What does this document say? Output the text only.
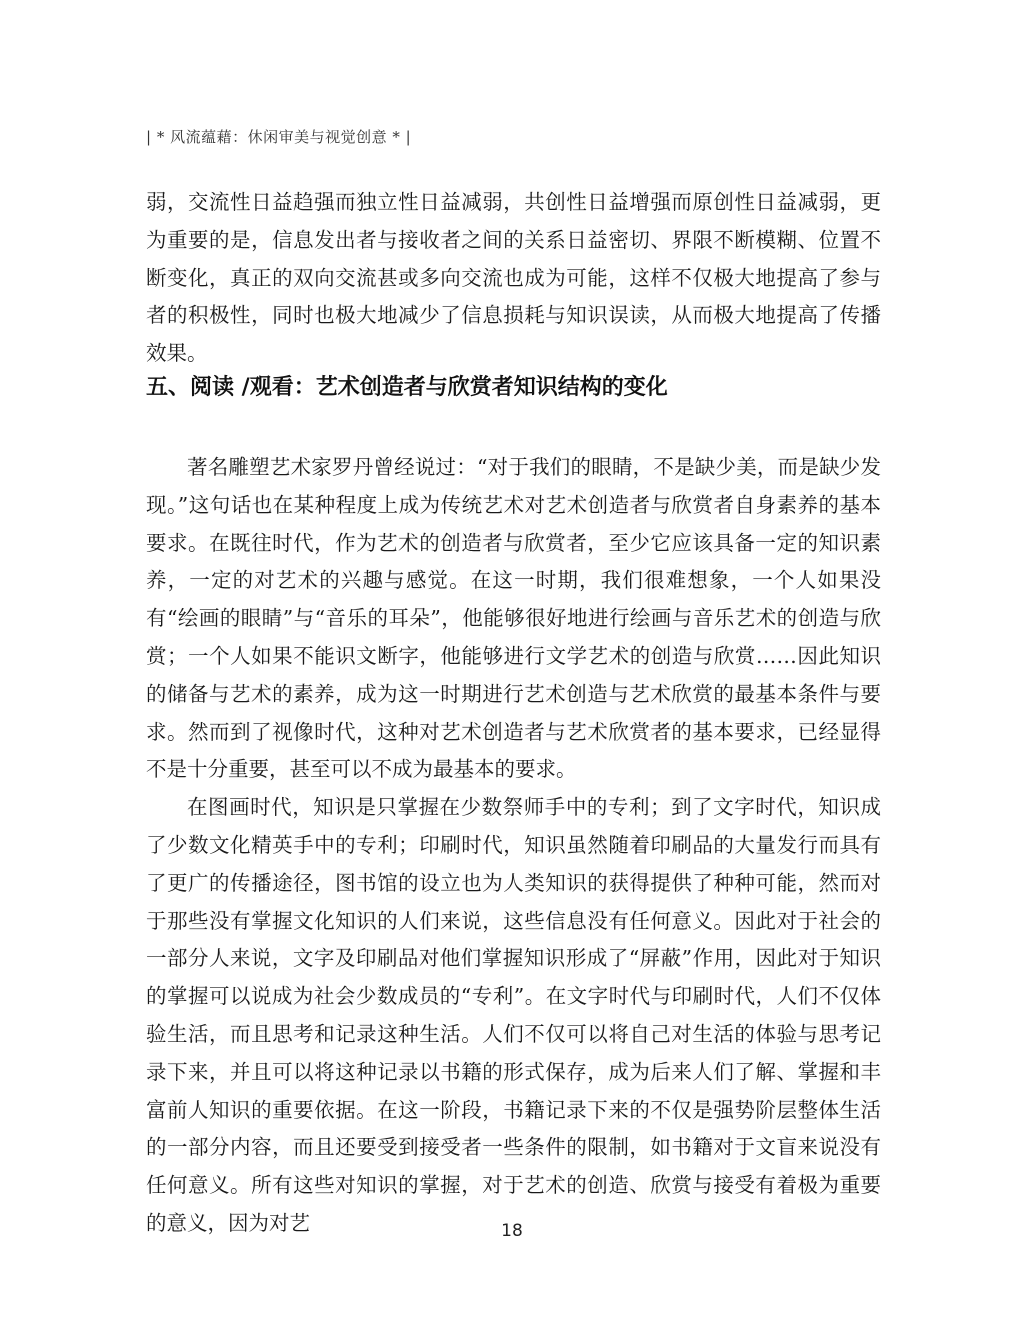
| * 风流蕴藉：休闲审美与视觉创意 * |

弱，交流性日益趋强而独立性日益减弱，共创性日益增强而原创性日益减弱，更为重要的是，信息发出者与接收者之间的关系日益密切、界限不断模糊、位置不断变化，真正的双向交流甚或多向交流也成为可能，这样不仅极大地提高了参与者的积极性，同时也极大地减少了信息损耗与知识误读，从而极大地提高了传播效果。

五、阅读 /观看：艺术创造者与欣赏者知识结构的变化

著名雕塑艺术家罗丹曾经说过：“对于我们的眼睛，不是缺少美，而是缺少发现。”这句话也在某种程度上成为传统艺术对艺术创造者与欣赏者自身素养的基本要求。在既往时代，作为艺术的创造者与欣赏者，至少它应该具备一定的知识素养，一定的对艺术的兴趣与感觉。在这一时期，我们很难想象，一个人如果没有“绘画的眼睛”与“音乐的耳朵”，他能够很好地进行绘画与音乐艺术的创造与欣赏；一个人如果不能识文断字，他能够进行文学艺术的创造与欣赏……因此知识的储备与艺术的素养，成为这一时期进行艺术创造与艺术欣赏的最基本条件与要求。然而到了视像时代，这种对艺术创造者与艺术欣赏者的基本要求，已经显得不是十分重要，甚至可以不成为最基本的要求。

在图画时代，知识是只掌握在少数祭师手中的专利；到了文字时代，知识成了少数文化精英手中的专利；印刷时代，知识虽然随着印刷品的大量发行而具有了更广的传播途径，图书馆的设立也为人类知识的获得提供了种种可能，然而对于那些没有掌握文化知识的人们来说，这些信息没有任何意义。因此对于社会的一部分人来说，文字及印刷品对他们掌握知识形成了“屏蔽”作用，因此对于知识的掌握可以说成为社会少数成员的“专利”。在文字时代与印刷时代，人们不仅体验生活，而且思考和记录这种生活。人们不仅可以将自己对生活的体验与思考记录下来，并且可以将这种记录以书籍的形式保存，成为后来人们了解、掌握和丰富前人知识的重要依据。在这一阶段，书籍记录下来的不仅是强势阶层整体生活的一部分内容，而且还要受到接受者一些条件的限制，如书籍对于文盲来说没有任何意义。所有这些对知识的掌握，对于艺术的创造、欣赏与接受有着极为重要的意义，因为对艺	18
